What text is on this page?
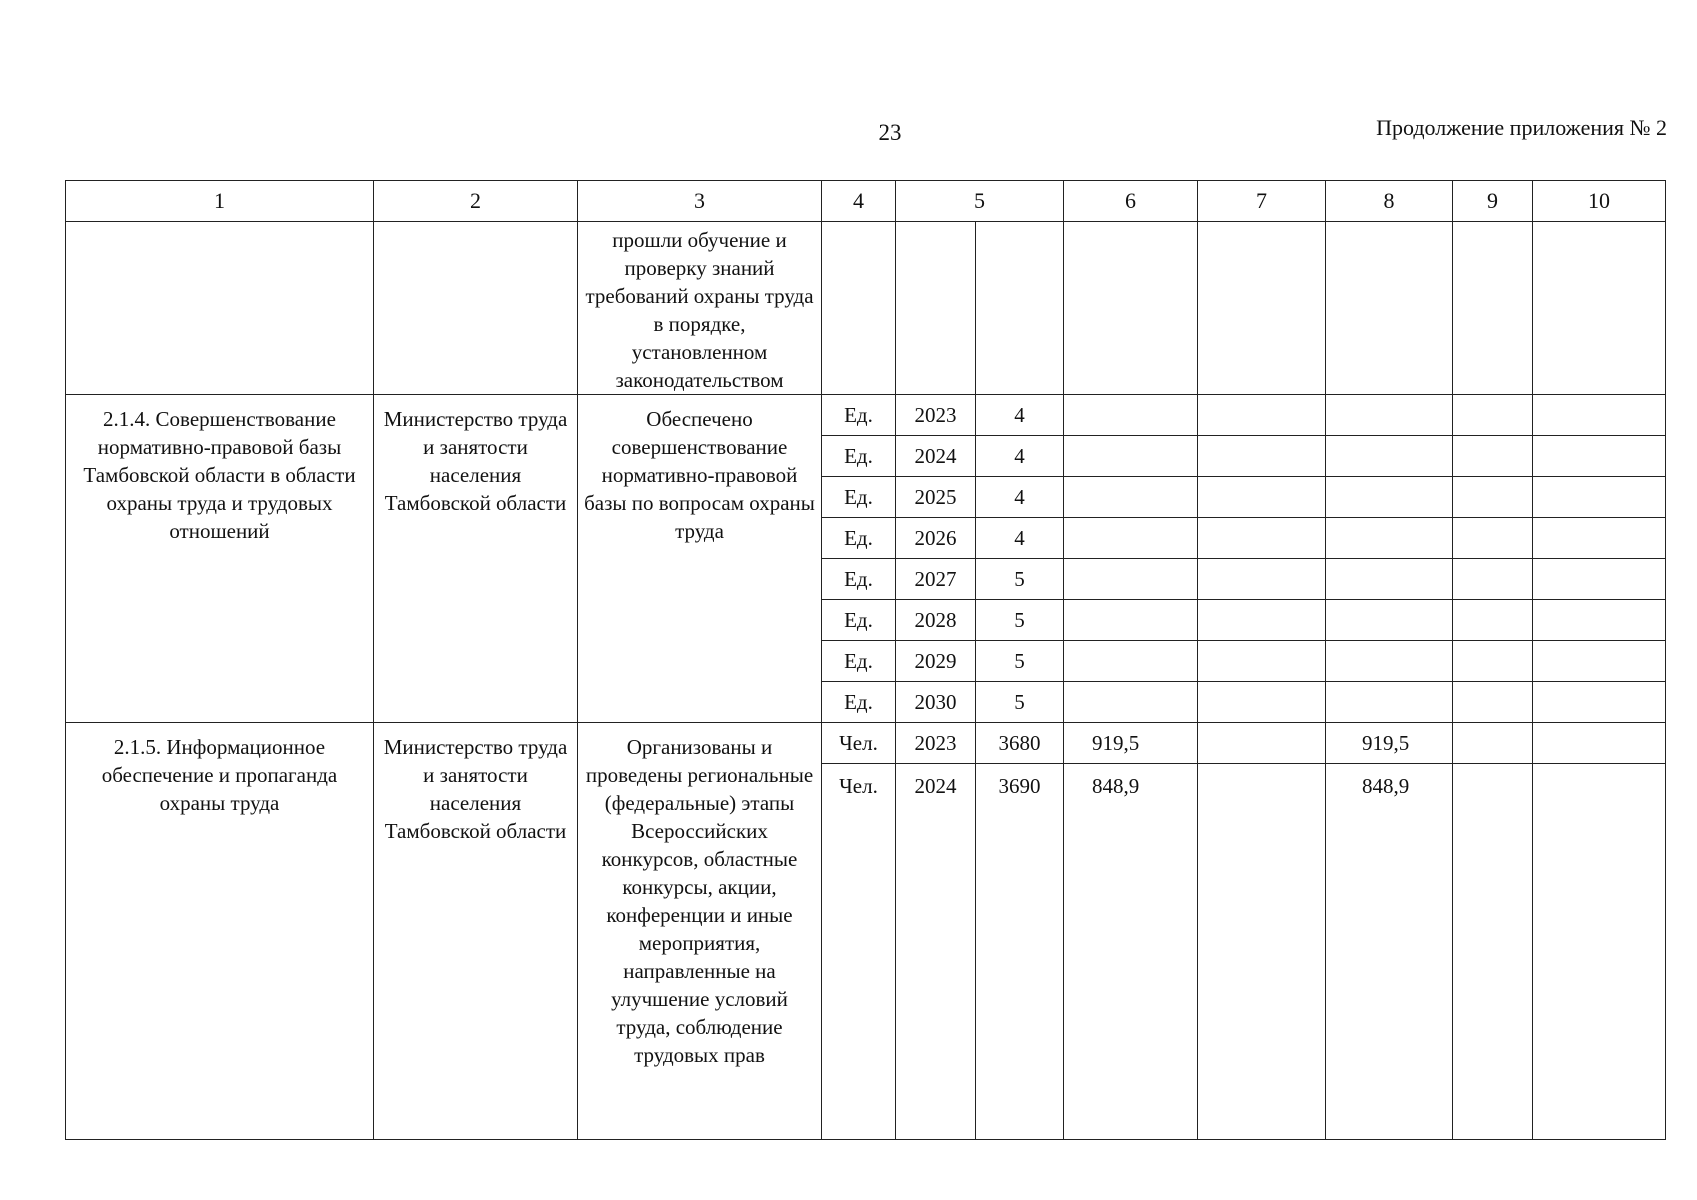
23	Продолжение приложения № 2
1	2	3	4	5		6	7	8	9	10
		прошли обучение и проверку знаний требований охраны труда в порядке, установленном законодательством								
2.1.4. Совершенствование нормативно-правовой базы Тамбовской области в области охраны труда и трудовых отношений	Министерство труда и занятости населения Тамбовской области	Обеспечено совершенствование нормативно-правовой базы по вопросам охраны труда	Ед.	2023	4					
			Ед.	2024	4					
			Ед.	2025	4					
			Ед.	2026	4					
			Ед.	2027	5					
			Ед.	2028	5					
			Ед.	2029	5					
			Ед.	2030	5					
2.1.5. Информационное обеспечение и пропаганда охраны труда	Министерство труда и занятости населения Тамбовской области	Организованы и проведены региональные (федеральные) этапы Всероссийских конкурсов, областные конкурсы, акции, конференции и иные мероприятия, направленные на улучшение условий труда, соблюдение трудовых прав	Чел.	2023	3680	919,5		919,5		
			Чел.	2024	3690	848,9		848,9		
